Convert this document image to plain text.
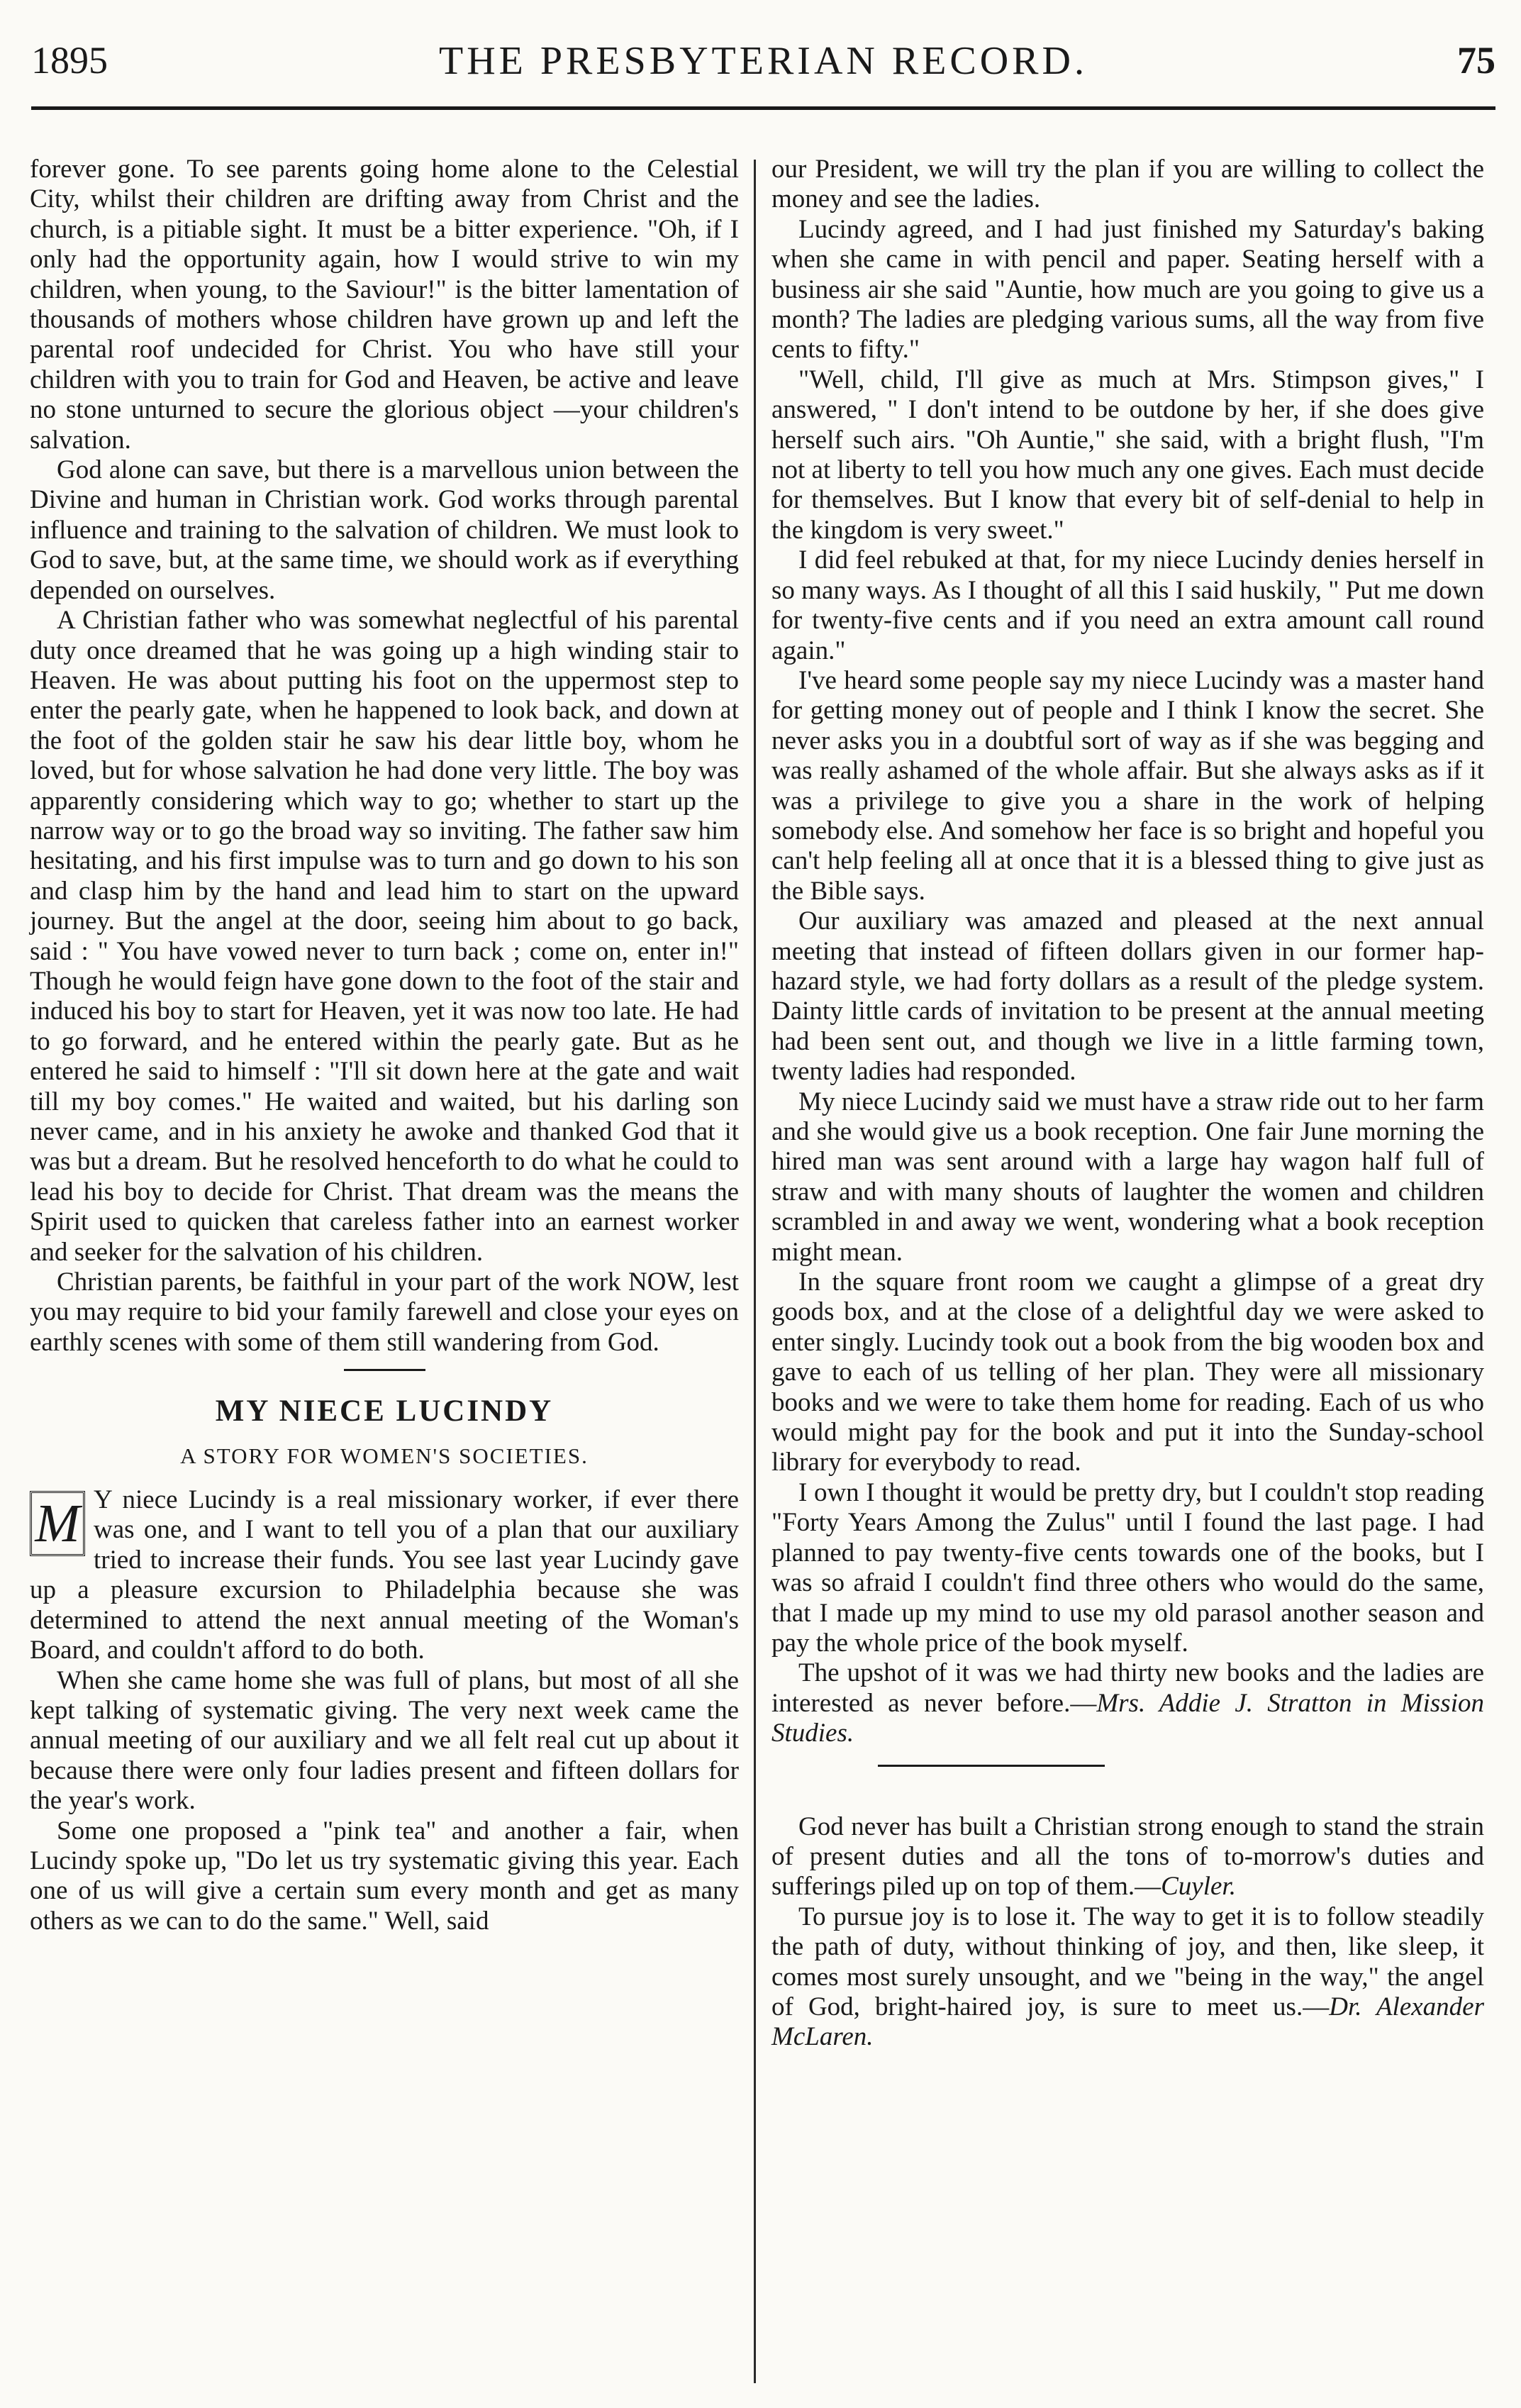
1895	THE PRESBYTERIAN RECORD.	75

forever gone. To see parents going home alone to the Celestial City, whilst their children are drifting away from Christ and the church, is a pitiable sight. It must be a bitter experience. "Oh, if I only had the opportunity again, how I would strive to win my children, when young, to the Saviour!" is the bitter lamentation of thousands of mothers whose children have grown up and left the parental roof undecided for Christ. You who have still your children with you to train for God and Heaven, be active and leave no stone unturned to secure the glorious object —your children's salvation.

God alone can save, but there is a marvellous union between the Divine and human in Christian work. God works through parental influence and training to the salvation of children. We must look to God to save, but, at the same time, we should work as if everything depended on ourselves.

A Christian father who was somewhat neglectful of his parental duty once dreamed that he was going up a high winding stair to Heaven. He was about putting his foot on the uppermost step to enter the pearly gate, when he happened to look back, and down at the foot of the golden stair he saw his dear little boy, whom he loved, but for whose salvation he had done very little. The boy was apparently considering which way to go; whether to start up the narrow way or to go the broad way so inviting. The father saw him hesitating, and his first impulse was to turn and go down to his son and clasp him by the hand and lead him to start on the upward journey. But the angel at the door, seeing him about to go back, said : " You have vowed never to turn back ; come on, enter in!" Though he would feign have gone down to the foot of the stair and induced his boy to start for Heaven, yet it was now too late. He had to go forward, and he entered within the pearly gate. But as he entered he said to himself : "I'll sit down here at the gate and wait till my boy comes." He waited and waited, but his darling son never came, and in his anxiety he awoke and thanked God that it was but a dream. But he resolved henceforth to do what he could to lead his boy to decide for Christ. That dream was the means the Spirit used to quicken that careless father into an earnest worker and seeker for the salvation of his children.

Christian parents, be faithful in your part of the work NOW, lest you may require to bid your family farewell and close your eyes on earthly scenes with some of them still wandering from God.

MY NIECE LUCINDY
A STORY FOR WOMEN'S SOCIETIES.

M Y niece Lucindy is a real missionary worker, if ever there was one, and I want to tell you of a plan that our auxiliary tried to increase their funds. You see last year Lucindy gave up a pleasure excursion to Philadelphia because she was determined to attend the next annual meeting of the Woman's Board, and couldn't afford to do both.

When she came home she was full of plans, but most of all she kept talking of systematic giving. The very next week came the annual meeting of our auxiliary and we all felt real cut up about it because there were only four ladies present and fifteen dollars for the year's work.

Some one proposed a "pink tea" and another a fair, when Lucindy spoke up, "Do let us try systematic giving this year. Each one of us will give a certain sum every month and get as many others as we can to do the same." Well, said

our President, we will try the plan if you are willing to collect the money and see the ladies.

Lucindy agreed, and I had just finished my Saturday's baking when she came in with pencil and paper. Seating herself with a business air she said "Auntie, how much are you going to give us a month? The ladies are pledging various sums, all the way from five cents to fifty."

"Well, child, I'll give as much at Mrs. Stimpson gives," I answered, " I don't intend to be outdone by her, if she does give herself such airs. "Oh Auntie," she said, with a bright flush, "I'm not at liberty to tell you how much any one gives. Each must decide for themselves. But I know that every bit of self-denial to help in the kingdom is very sweet."

I did feel rebuked at that, for my niece Lucindy denies herself in so many ways. As I thought of all this I said huskily, " Put me down for twenty-five cents and if you need an extra amount call round again."

I've heard some people say my niece Lucindy was a master hand for getting money out of people and I think I know the secret. She never asks you in a doubtful sort of way as if she was begging and was really ashamed of the whole affair. But she always asks as if it was a privilege to give you a share in the work of helping somebody else. And somehow her face is so bright and hopeful you can't help feeling all at once that it is a blessed thing to give just as the Bible says.

Our auxiliary was amazed and pleased at the next annual meeting that instead of fifteen dollars given in our former hap-hazard style, we had forty dollars as a result of the pledge system. Dainty little cards of invitation to be present at the annual meeting had been sent out, and though we live in a little farming town, twenty ladies had responded.

My niece Lucindy said we must have a straw ride out to her farm and she would give us a book reception. One fair June morning the hired man was sent around with a large hay wagon half full of straw and with many shouts of laughter the women and children scrambled in and away we went, wondering what a book reception might mean.

In the square front room we caught a glimpse of a great dry goods box, and at the close of a delightful day we were asked to enter singly. Lucindy took out a book from the big wooden box and gave to each of us telling of her plan. They were all missionary books and we were to take them home for reading. Each of us who would might pay for the book and put it into the Sunday-school library for everybody to read.

I own I thought it would be pretty dry, but I couldn't stop reading "Forty Years Among the Zulus" until I found the last page. I had planned to pay twenty-five cents towards one of the books, but I was so afraid I couldn't find three others who would do the same, that I made up my mind to use my old parasol another season and pay the whole price of the book myself.

The upshot of it was we had thirty new books and the ladies are interested as never before.—Mrs. Addie J. Stratton in Mission Studies.

God never has built a Christian strong enough to stand the strain of present duties and all the tons of to-morrow's duties and sufferings piled up on top of them.—Cuyler.

To pursue joy is to lose it. The way to get it is to follow steadily the path of duty, without thinking of joy, and then, like sleep, it comes most surely unsought, and we "being in the way," the angel of God, bright-haired joy, is sure to meet us.—Dr. Alexander McLaren.
